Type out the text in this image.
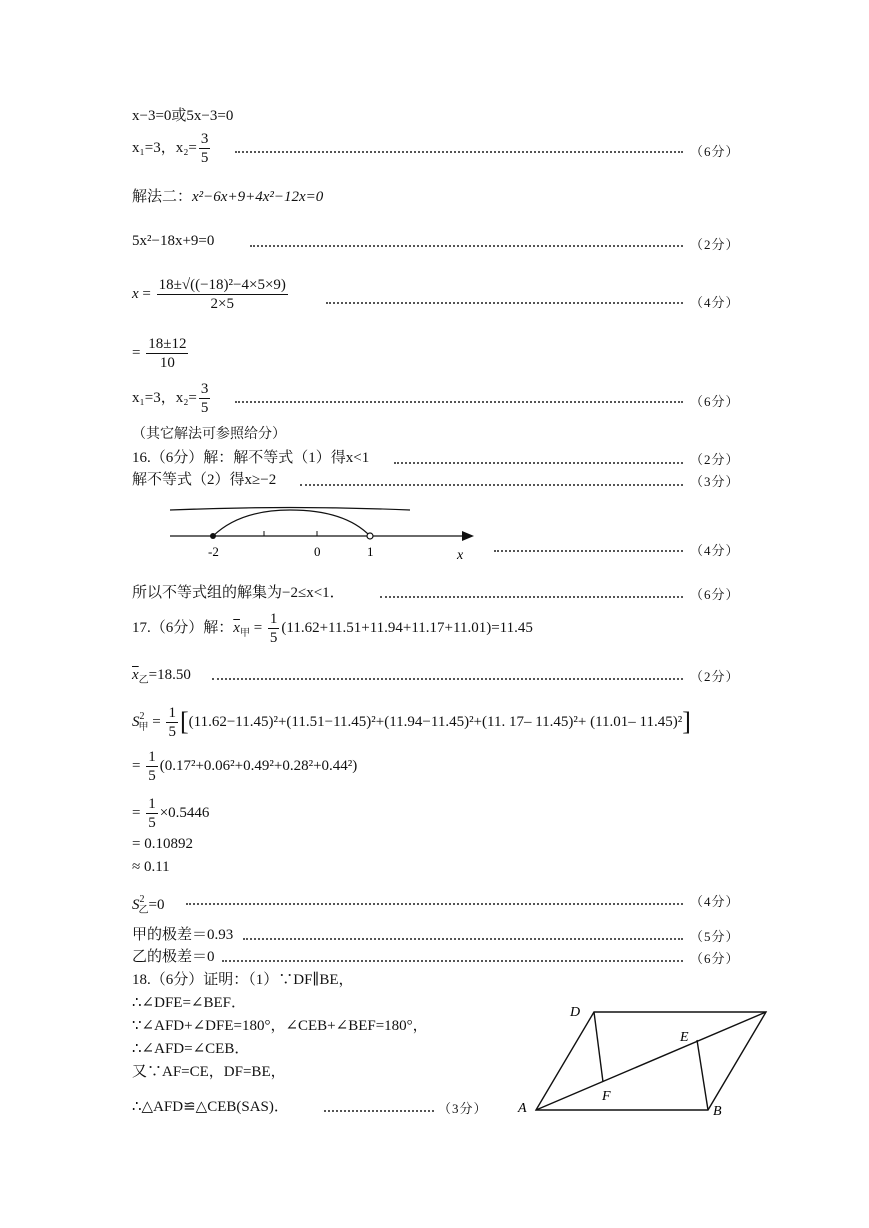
x−3=0或5x−3=0
x₁=3，$x_2= \frac{3}{5}$	（6分）
解法二：x²−6x+9+4x²−12x=0
5x²−18x+9=0	（2分）
$x = \frac{\text{18±√((−18)²−4×5×9)}}{2\times 5}$	（4分）
= $\frac{18\pm 12}{10}$
x₁=3，$x_2= \frac{3}{5}$	（6分）
（其它解法可参照给分）
16.（6分）解：解不等式（1）得x<1	（2分）
解不等式（2）得x≥−2	（3分）
-2	0	1	x	（4分）
所以不等式组的解集为−2≤x<1．	（6分）
17.（6分）解：$\overline{x}_甲 = \frac{1}{5} (11.62+11.51+11.94+11.17+11.01)=11.45$
$\overline{x}_乙=18.50$	（2分）
$S^2_甲 = \frac{1}{5} [(11.62-11.45)^2+(11.51-11.45)^2+(11.94-11.45)^2+(11$. 17– 11.45)²+ (11.01– 11.45)²]
= $\frac{1}{5} (0.17^2+0.06^2+0.49^2+0.28^2+0.44^2)$
= $\frac{1}{5} \times 0.5446$
= 0.10892
≈ 0.11
$S^2_乙=0$	（4分）
甲的极差＝0.93	（5分）
乙的极差＝0	（6分）
18.（6分）证明：（1）∵DF∥BE，
∴∠DFE=∠BEF．
∵∠AFD+∠DFE=180°，∠CEB+∠BEF=180°，
∴∠AFD=∠CEB．
又∵AF=CE，DF=BE，
∴△AFD≌△CEB(SAS)．	（3分）
D
E
F
A	B
